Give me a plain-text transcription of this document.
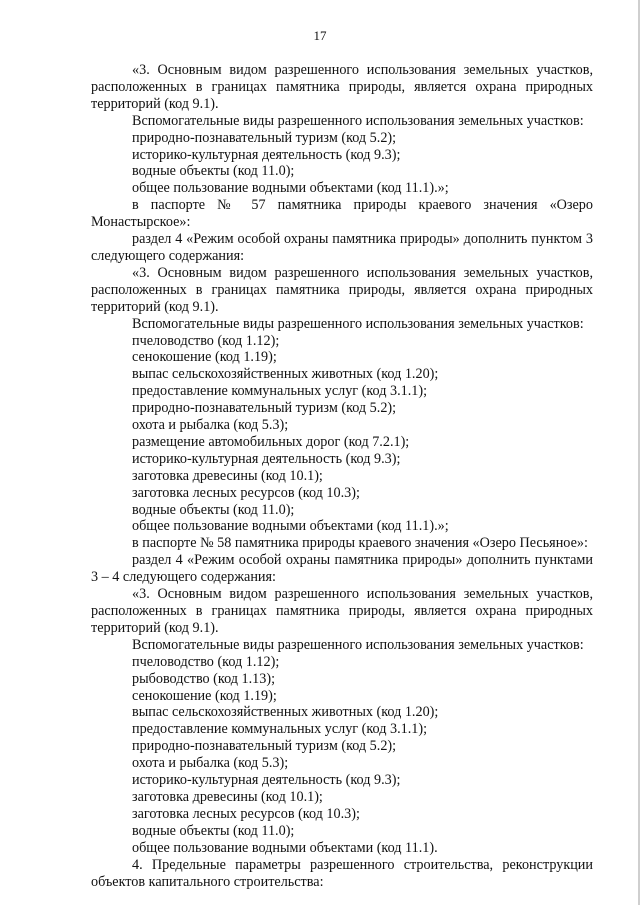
17

«3. Основным видом разрешенного использования земельных участков, расположенных в границах памятника природы, является охрана природных территорий (код 9.1).

Вспомогательные виды разрешенного использования земельных участков:

природно-познавательный туризм (код 5.2);

историко-культурная деятельность (код 9.3);

водные объекты (код 11.0);

общее пользование водными объектами (код 11.1).»;

в паспорте № 57 памятника природы краевого значения «Озеро Монастырское»:

раздел 4 «Режим особой охраны памятника природы» дополнить пунктом 3 следующего содержания:

«3. Основным видом разрешенного использования земельных участков, расположенных в границах памятника природы, является охрана природных территорий (код 9.1).

Вспомогательные виды разрешенного использования земельных участков:

пчеловодство (код 1.12);

сенокошение (код 1.19);

выпас сельскохозяйственных животных (код 1.20);

предоставление коммунальных услуг (код 3.1.1);

природно-познавательный туризм (код 5.2);

охота и рыбалка (код 5.3);

размещение автомобильных дорог (код 7.2.1);

историко-культурная деятельность (код 9.3);

заготовка древесины (код 10.1);

заготовка лесных ресурсов (код 10.3);

водные объекты (код 11.0);

общее пользование водными объектами (код 11.1).»;

в паспорте № 58 памятника природы краевого значения «Озеро Песьяное»:

раздел 4 «Режим особой охраны памятника природы» дополнить пунктами 3 – 4 следующего содержания:

«3. Основным видом разрешенного использования земельных участков, расположенных в границах памятника природы, является охрана природных территорий (код 9.1).

Вспомогательные виды разрешенного использования земельных участков:

пчеловодство (код 1.12);

рыбоводство (код 1.13);

сенокошение (код 1.19);

выпас сельскохозяйственных животных (код 1.20);

предоставление коммунальных услуг (код 3.1.1);

природно-познавательный туризм (код 5.2);

охота и рыбалка (код 5.3);

историко-культурная деятельность (код 9.3);

заготовка древесины (код 10.1);

заготовка лесных ресурсов (код 10.3);

водные объекты (код 11.0);

общее пользование водными объектами (код 11.1).

4. Предельные параметры разрешенного строительства, реконструкции объектов капитального строительства:
